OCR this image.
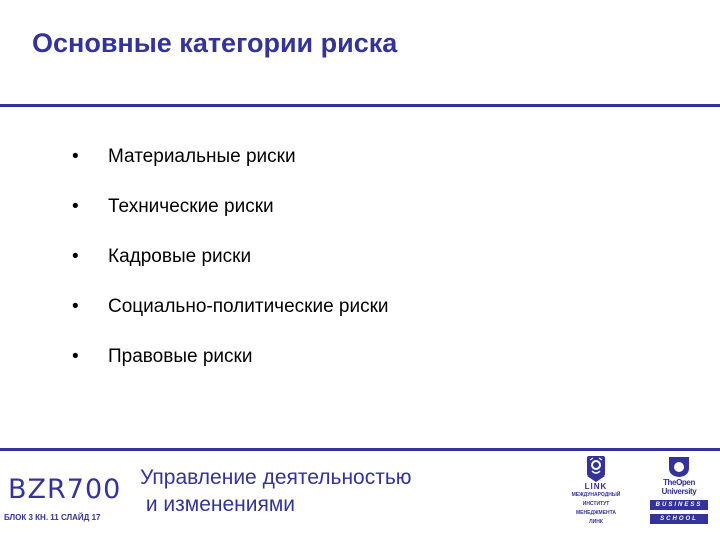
Основные категории риска
• Материальные риски
• Технические риски
• Кадровые риски
• Социально-политические риски
• Правовые риски
BZR700
БЛОК 3 КН. 11 СЛАЙД 17
Управление деятельностью
и изменениями
LINK
МЕЖДУНАРОДНЫЙ
ИНСТИТУТ
МЕНЕДЖМЕНТА
ЛИНК
TheOpen
University
BUSINESS
SCHOOL
